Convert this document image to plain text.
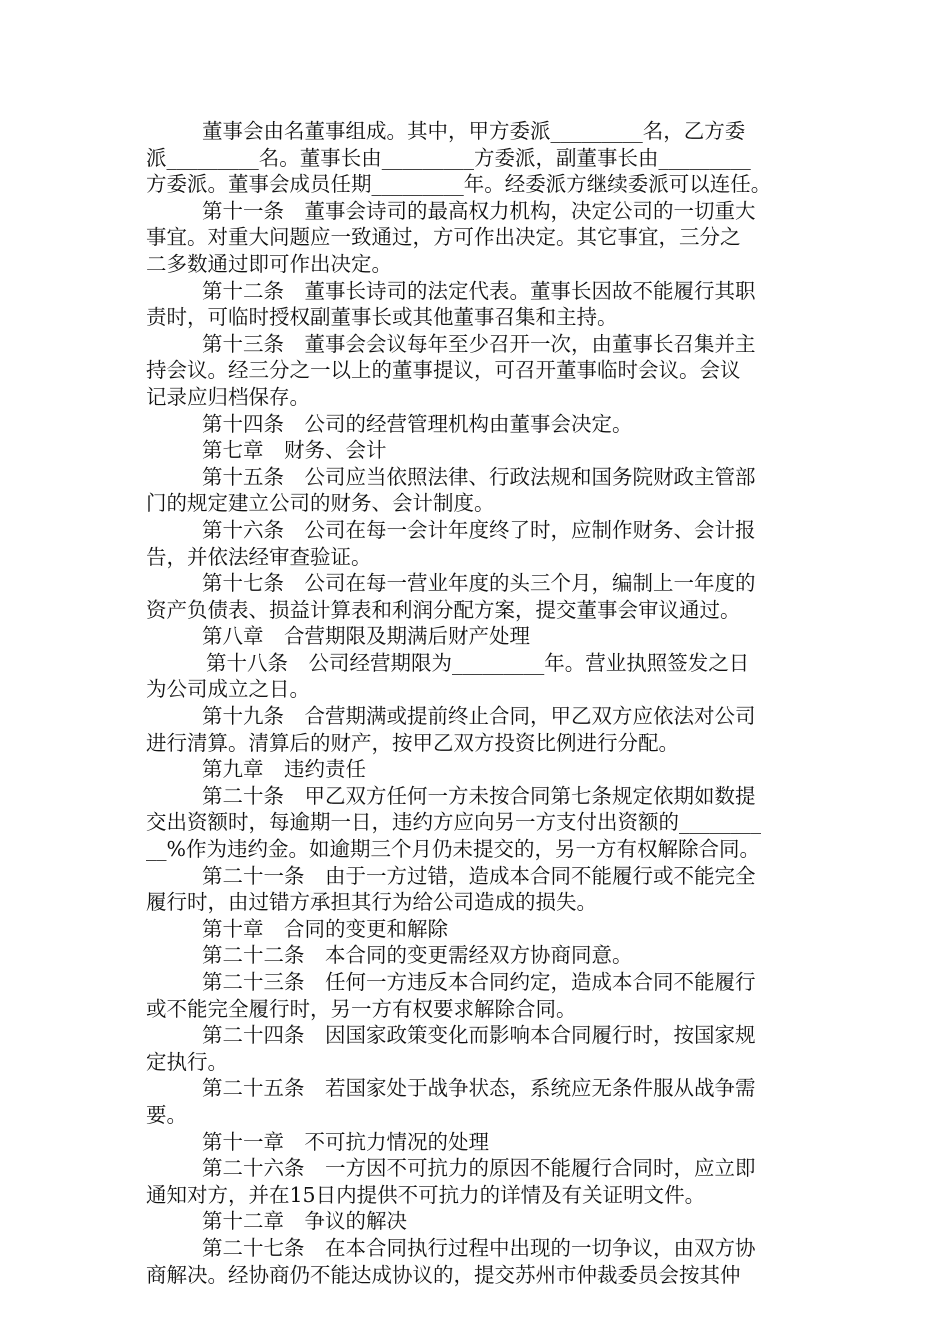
董事会由名董事组成。其中，甲方委派_________名，乙方委
派_________名。董事长由_________方委派，副董事长由_________
方委派。董事会成员任期_________年。经委派方继续委派可以连任。
第十一条　董事会诗司的最高权力机构，决定公司的一切重大
事宜。对重大问题应一致通过，方可作出决定。其它事宜，三分之
二多数通过即可作出决定。
第十二条　董事长诗司的法定代表。董事长因故不能履行其职
责时，可临时授权副董事长或其他董事召集和主持。
第十三条　董事会会议每年至少召开一次，由董事长召集并主
持会议。经三分之一以上的董事提议，可召开董事临时会议。会议
记录应归档保存。
第十四条　公司的经营管理机构由董事会决定。
第七章　财务、会计
第十五条　公司应当依照法律、行政法规和国务院财政主管部
门的规定建立公司的财务、会计制度。
第十六条　公司在每一会计年度终了时，应制作财务、会计报
告，并依法经审查验证。
第十七条　公司在每一营业年度的头三个月，编制上一年度的
资产负债表、损益计算表和利润分配方案，提交董事会审议通过。
第八章　合营期限及期满后财产处理
第十八条　公司经营期限为_________年。营业执照签发之日
为公司成立之日。
第十九条　合营期满或提前终止合同，甲乙双方应依法对公司
进行清算。清算后的财产，按甲乙双方投资比例进行分配。
第九章　违约责任
第二十条　甲乙双方任何一方未按合同第七条规定依期如数提
交出资额时，每逾期一日，违约方应向另一方支付出资额的________
__%作为违约金。如逾期三个月仍未提交的，另一方有权解除合同。
第二十一条　由于一方过错，造成本合同不能履行或不能完全
履行时，由过错方承担其行为给公司造成的损失。
第十章　合同的变更和解除
第二十二条　本合同的变更需经双方协商同意。
第二十三条　任何一方违反本合同约定，造成本合同不能履行
或不能完全履行时，另一方有权要求解除合同。
第二十四条　因国家政策变化而影响本合同履行时，按国家规
定执行。
第二十五条　若国家处于战争状态，系统应无条件服从战争需
要。
第十一章　不可抗力情况的处理
第二十六条　一方因不可抗力的原因不能履行合同时，应立即
通知对方，并在15日内提供不可抗力的详情及有关证明文件。
第十二章　争议的解决
第二十七条　在本合同执行过程中出现的一切争议，由双方协
商解决。经协商仍不能达成协议的，提交苏州市仲裁委员会按其仲
